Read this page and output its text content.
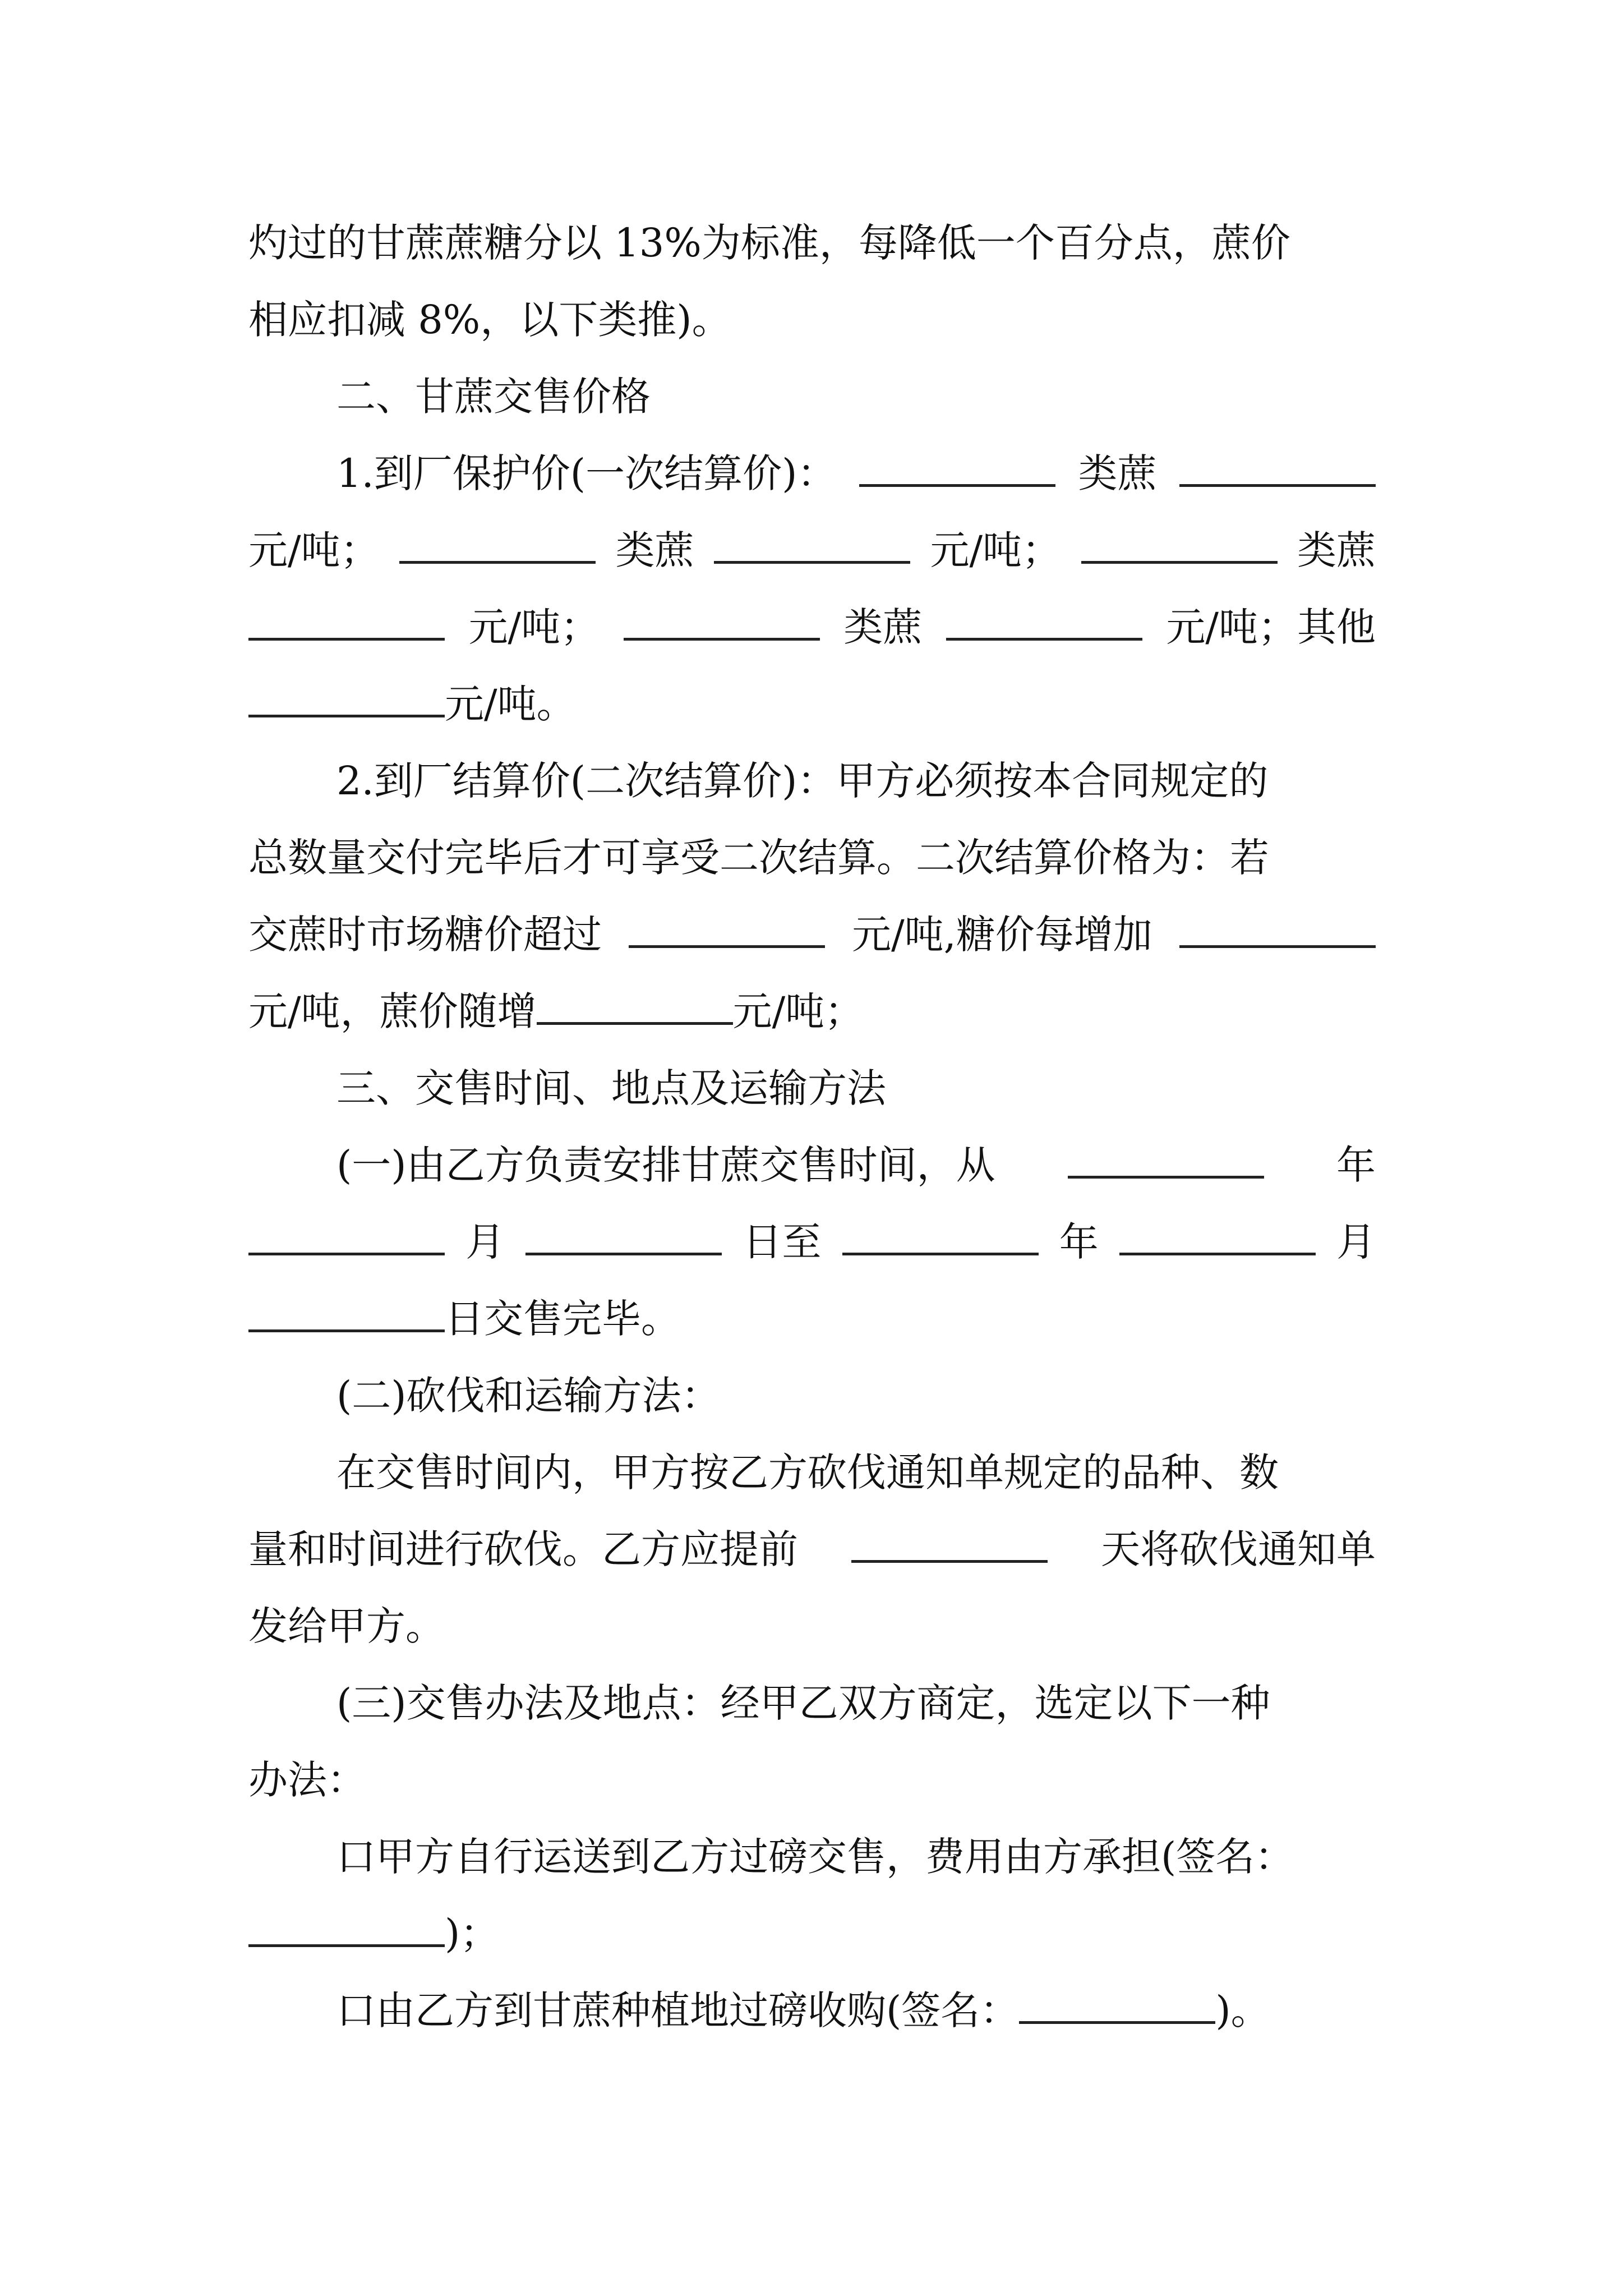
灼过的甘蔗蔗糖分以 13%为标准，每降低一个百分点，蔗价
相应扣减 8%，以下类推)。
二、甘蔗交售价格
1.到厂保护价(一次结算价)：	类蔗
元/吨；	类蔗	元/吨；	类蔗
元/吨；	类蔗	元/吨；其他
元/吨。
2.到厂结算价(二次结算价)：甲方必须按本合同规定的
总数量交付完毕后才可享受二次结算。二次结算价格为：若
交蔗时市场糖价超过	元/吨,糖价每增加
元/吨，蔗价随增	元/吨；
三、交售时间、地点及运输方法
(一)由乙方负责安排甘蔗交售时间，从	年
月	日至	年	月
日交售完毕。
(二)砍伐和运输方法：
在交售时间内，甲方按乙方砍伐通知单规定的品种、数
量和时间进行砍伐。乙方应提前	天将砍伐通知单
发给甲方。
(三)交售办法及地点：经甲乙双方商定，选定以下一种
办法：
口甲方自行运送到乙方过磅交售，费用由方承担(签名：
)；
口由乙方到甘蔗种植地过磅收购(签名：	)。
